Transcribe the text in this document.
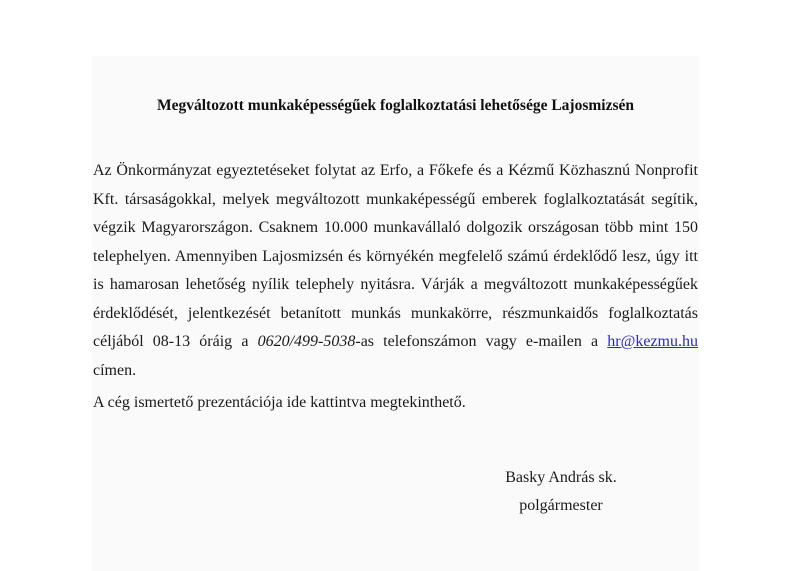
Megváltozott munkaképességűek foglalkoztatási lehetősége Lajosmizsén

Az Önkormányzat egyeztetéseket folytat az Erfo, a Főkefe és a Kézmű Közhasznú Nonprofit Kft. társaságokkal, melyek megváltozott munkaképességű emberek foglalkoztatását segítik, végzik Magyarországon. Csaknem 10.000 munkavállaló dolgozik országosan több mint 150 telephelyen. Amennyiben Lajosmizsén és környékén megfelelő számú érdeklődő lesz, úgy itt is hamarosan lehetőség nyílik telephely nyitásra. Várják a megváltozott munkaképességűek érdeklődését, jelentkezését betanított munkás munkakörre, részmunkaidős foglalkoztatás céljából 08-13 óráig a 0620/499-5038-as telefonszámon vagy e-mailen a hr@kezmu.hu címen.

A cég ismertető prezentációja ide kattintva megtekinthető.

Basky András sk.
polgármester
